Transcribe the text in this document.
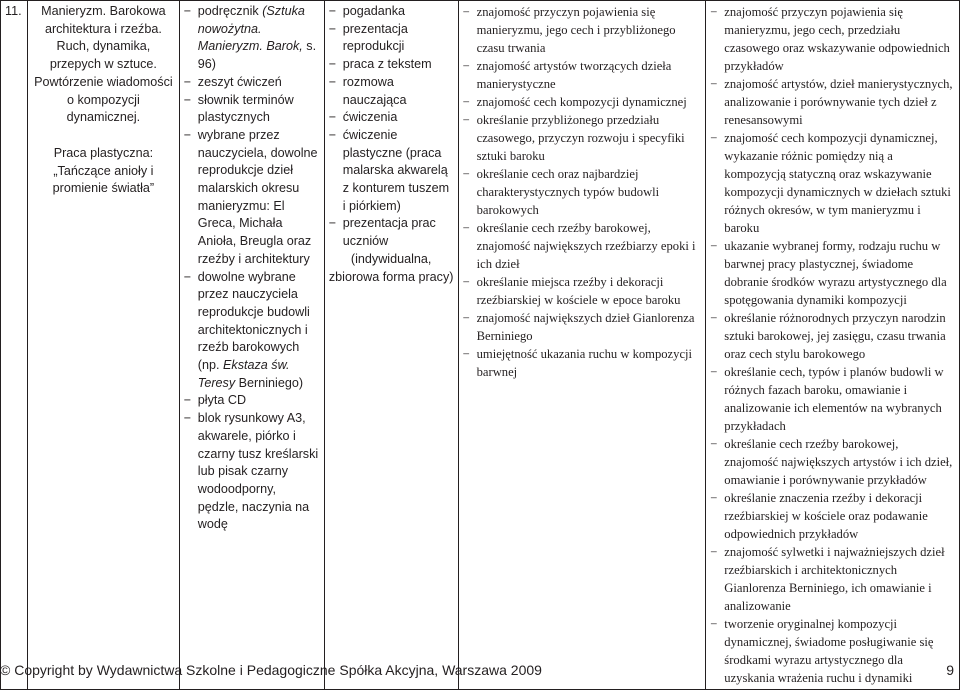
11.	Manieryzm. Barokowa architektura i rzeźba. Ruch, dynamika, przepych w sztuce. Powtórzenie wiadomości o kompozycji dynamicznej.
Praca plastyczna:
„Tańczące anioły i promienie światła”

− podręcznik (Sztuka nowożytna. Manieryzm. Barok, s. 96)
− zeszyt ćwiczeń
− słownik terminów plastycznych
− wybrane przez nauczyciela, dowolne reprodukcje dzieł malarskich okresu manieryzmu: El Greca, Michała Anioła, Breugla oraz rzeźby i architektury
− dowolne wybrane przez nauczyciela reprodukcje budowli architektonicznych i rzeźb barokowych (np. Ekstaza św. Teresy Berniniego)
− płyta CD
− blok rysunkowy A3, akwarele, piórko i czarny tusz kreślarski lub pisak czarny wodoodporny, pędzle, naczynia na wodę

− pogadanka
− prezentacja reprodukcji
− praca z tekstem
− rozmowa nauczająca
− ćwiczenia
− ćwiczenie plastyczne (praca malarska akwarelą z konturem tuszem i piórkiem)
− prezentacja prac uczniów
(indywidualna, zbiorowa forma pracy)

− znajomość przyczyn pojawienia się manieryzmu, jego cech i przybliżonego czasu trwania
− znajomość artystów tworzących dzieła manierystyczne
− znajomość cech kompozycji dynamicznej
− określanie przybliżonego przedziału czasowego, przyczyn rozwoju i specyfiki sztuki baroku
− określanie cech oraz najbardziej charakterystycznych typów budowli barokowych
− określanie cech rzeźby barokowej, znajomość największych rzeźbiarzy epoki i ich dzieł
− określanie miejsca rzeźby i dekoracji rzeźbiarskiej w kościele w epoce baroku
− znajomość największych dzieł Gianlorenza Berniniego
− umiejętność ukazania ruchu w kompozycji barwnej

− znajomość przyczyn pojawienia się manieryzmu, jego cech, przedziału czasowego oraz wskazywanie odpowiednich przykładów
− znajomość artystów, dzieł manierystycznych, analizowanie i porównywanie tych dzieł z renesansowymi
− znajomość cech kompozycji dynamicznej, wykazanie różnic pomiędzy nią a kompozycją statyczną oraz wskazywanie kompozycji dynamicznych w dziełach sztuki różnych okresów, w tym manieryzmu i baroku
− ukazanie wybranej formy, rodzaju ruchu w barwnej pracy plastycznej, świadome dobranie środków wyrazu artystycznego dla spotęgowania dynamiki kompozycji
− określanie różnorodnych przyczyn narodzin sztuki barokowej, jej zasięgu, czasu trwania oraz cech stylu barokowego
− określanie cech, typów i planów budowli w różnych fazach baroku, omawianie i analizowanie ich elementów na wybranych przykładach
− określanie cech rzeźby barokowej, znajomość największych artystów i ich dzieł, omawianie i porównywanie przykładów
− określanie znaczenia rzeźby i dekoracji rzeźbiarskiej w kościele oraz podawanie odpowiednich przykładów
− znajomość sylwetki i najważniejszych dzieł rzeźbiarskich i architektonicznych Gianlorenza Berniniego, ich omawianie i analizowanie
− tworzenie oryginalnej kompozycji dynamicznej, świadome posługiwanie się środkami wyrazu artystycznego dla uzyskania wrażenia ruchu i dynamiki
© Copyright by Wydawnictwa Szkolne i Pedagogiczne Spółka Akcyjna, Warszawa 2009	9
